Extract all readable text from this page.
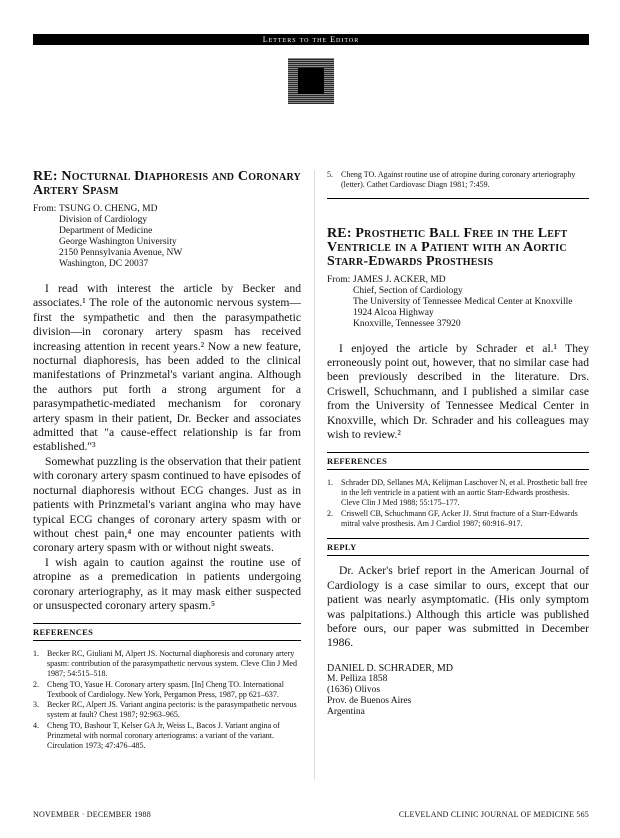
Letters to the Editor
RE: Nocturnal Diaphoresis and Coronary Artery Spasm
From: TSUNG O. CHENG, MD
Division of Cardiology
Department of Medicine
George Washington University
2150 Pennsylvania Avenue, NW
Washington, DC 20037

I read with interest the article by Becker and associates.¹ The role of the autonomic nervous system—first the sympathetic and then the parasympathetic division—in coronary artery spasm has received increasing attention in recent years.² Now a new feature, nocturnal diaphoresis, has been added to the clinical manifestations of Prinzmetal's variant angina. Although the authors put forth a strong argument for a parasympathetic-mediated mechanism for coronary artery spasm in their patient, Dr. Becker and associates admitted that "a cause-effect relationship is far from established."³

Somewhat puzzling is the observation that their patient with coronary artery spasm continued to have episodes of nocturnal diaphoresis without ECG changes. Just as in patients with Prinzmetal's variant angina who may have typical ECG changes of coronary artery spasm with or without chest pain,⁴ one may encounter patients with coronary artery spasm with or without night sweats.

I wish again to caution against the routine use of atropine as a premedication in patients undergoing coronary arteriography, as it may mask either suspected or unsuspected coronary artery spasm.⁵

REFERENCES
1.	Becker RC, Giuliani M, Alpert JS. Nocturnal diaphoresis and coronary artery spasm: contribution of the parasympathetic nervous system. Cleve Clin J Med 1987; 54:515–518.
2.	Cheng TO, Yasue H. Coronary artery spasm. [In] Cheng TO. International Textbook of Cardiology. New York, Pergamon Press, 1987, pp 621–637.
3.	Becker RC, Alpert JS. Variant angina pectoris: is the parasympathetic nervous system at fault? Chest 1987; 92:963–965.
4.	Cheng TO, Bashour T, Kelser GA Jr, Weiss L, Bacos J. Variant angina of Prinzmetal with normal coronary arteriograms: a variant of the variant. Circulation 1973; 47:476–485.
5.	Cheng TO. Against routine use of atropine during coronary arteriography (letter). Cathet Cardiovasc Diagn 1981; 7:459.
RE: Prosthetic Ball Free in the Left Ventricle in a Patient with an Aortic Starr-Edwards Prosthesis
From: JAMES J. ACKER, MD
Chief, Section of Cardiology
The University of Tennessee Medical Center at Knoxville
1924 Alcoa Highway
Knoxville, Tennessee 37920

I enjoyed the article by Schrader et al.¹ They erroneously point out, however, that no similar case had been previously described in the literature. Drs. Criswell, Schuchmann, and I published a similar case from the University of Tennessee Medical Center in Knoxville, which Dr. Schrader and his colleagues may wish to review.²

REFERENCES
1.	Schrader DD, Sellanes MA, Kelijman Laschover N, et al. Prosthetic ball free in the left ventricle in a patient with an aortic Starr-Edwards prosthesis. Cleve Clin J Med 1988; 55:175–177.
2.	Criswell CB, Schuchmann GF, Acker JJ. Strut fracture of a Starr-Edwards mitral valve prosthesis. Am J Cardiol 1987; 60:916–917.
REPLY

Dr. Acker's brief report in the American Journal of Cardiology is a case similar to ours, except that our patient was nearly asymptomatic. (His only symptom was palpitations.) Although this article was published before ours, our paper was submitted in December 1986.

DANIEL D. SCHRADER, MD
M. Pelliza 1858
(1636) Olivos
Prov. de Buenos Aires
Argentina
NOVEMBER · DECEMBER 1988	CLEVELAND CLINIC JOURNAL OF MEDICINE 565
